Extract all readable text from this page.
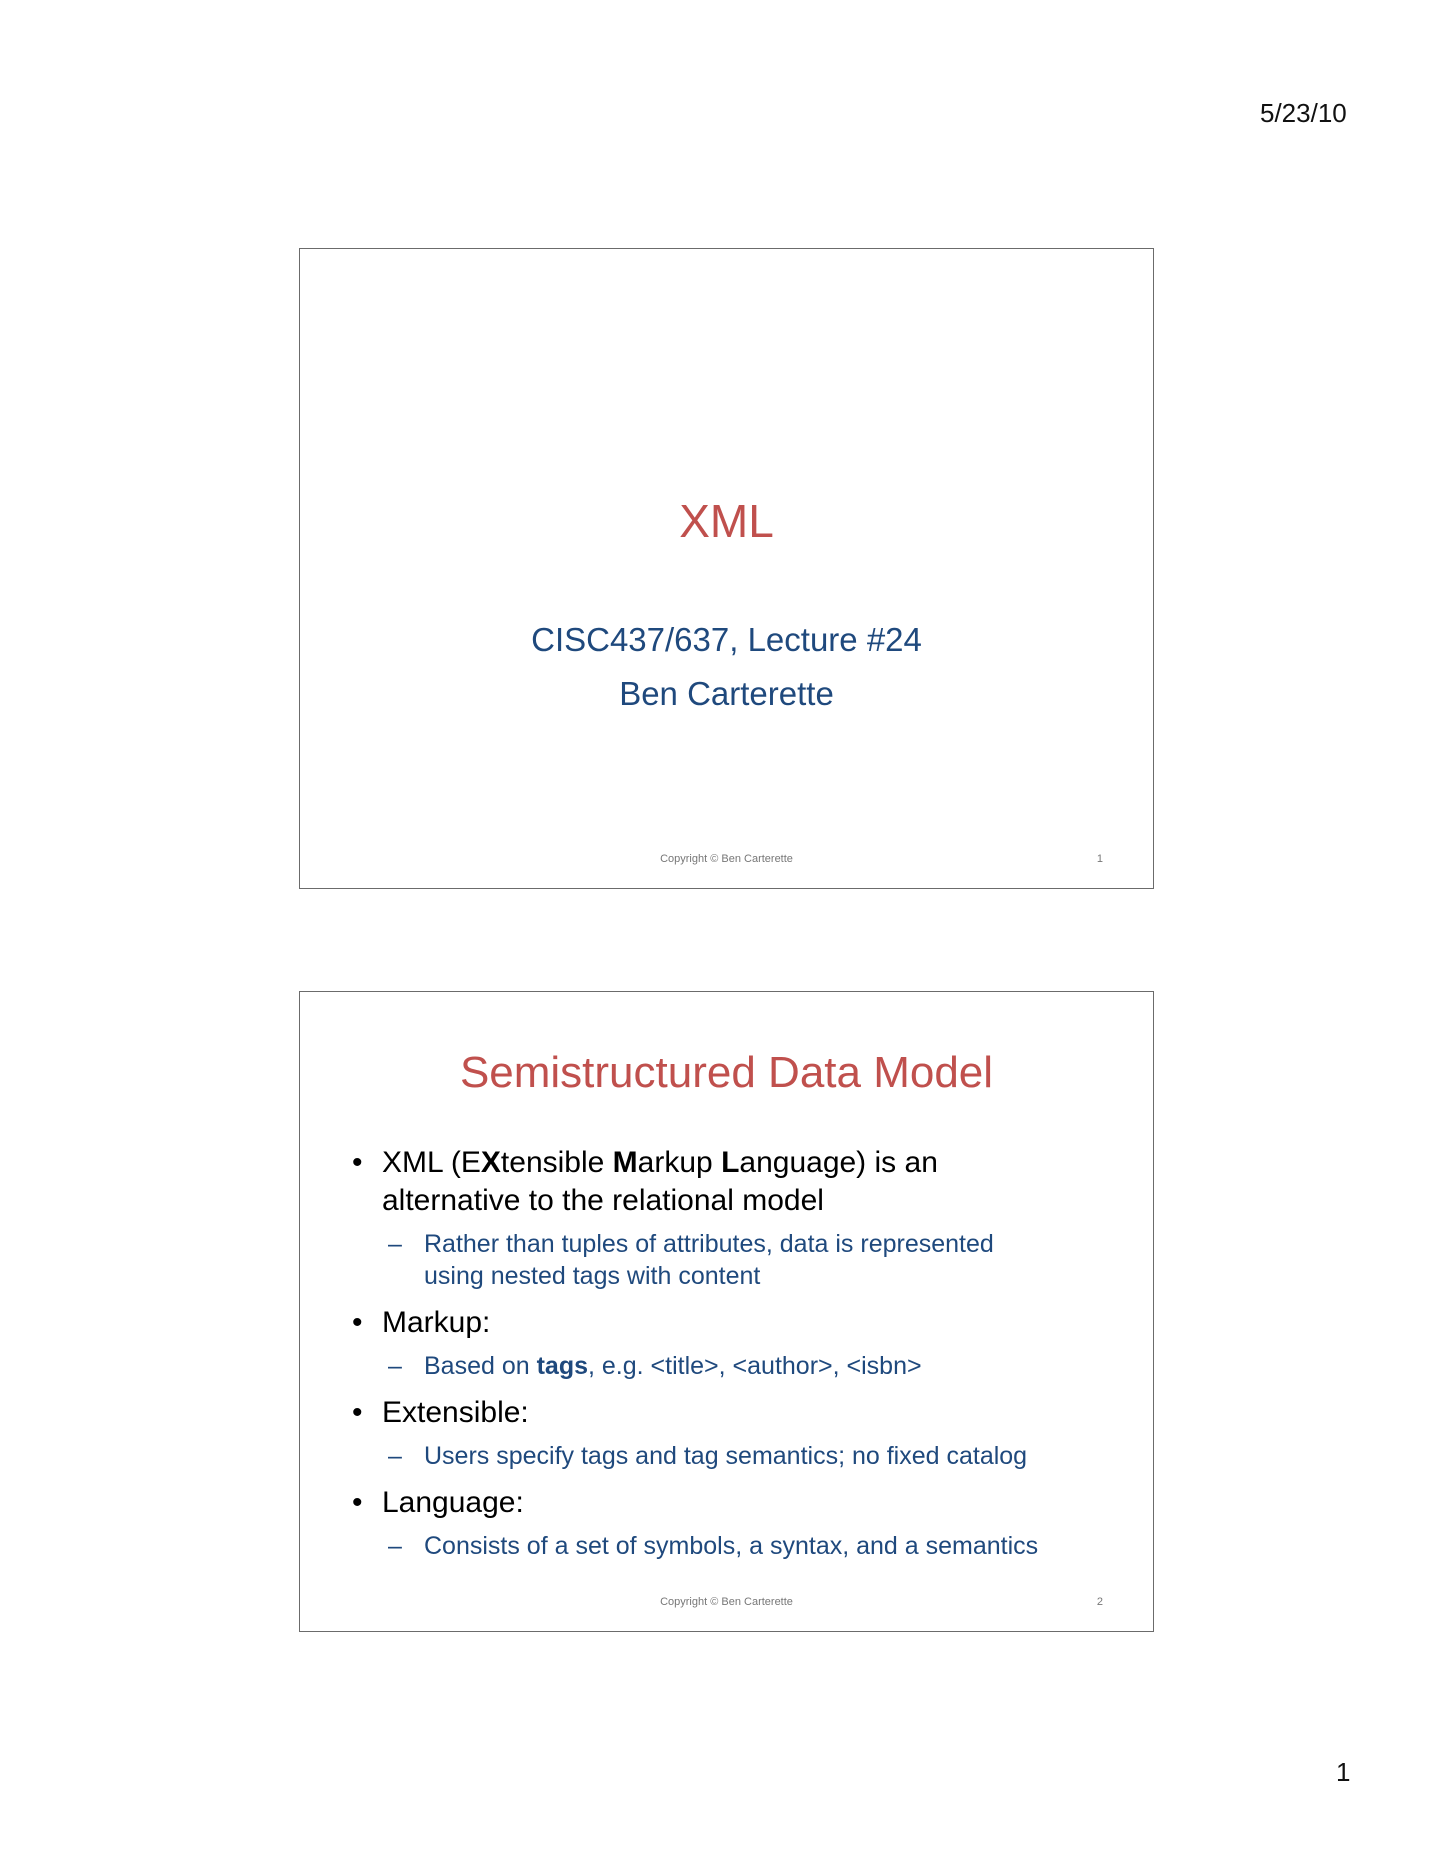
5/23/10
XML
CISC437/637, Lecture #24
Ben Carterette
Copyright © Ben Carterette	1
Semistructured Data Model
• XML (EXtensible Markup Language) is an
alternative to the relational model
– Rather than tuples of attributes, data is represented
using nested tags with content
• Markup:
– Based on tags, e.g. <title>, <author>, <isbn>
• Extensible:
– Users specify tags and tag semantics; no fixed catalog
• Language:
– Consists of a set of symbols, a syntax, and a semantics
Copyright © Ben Carterette	2
1
